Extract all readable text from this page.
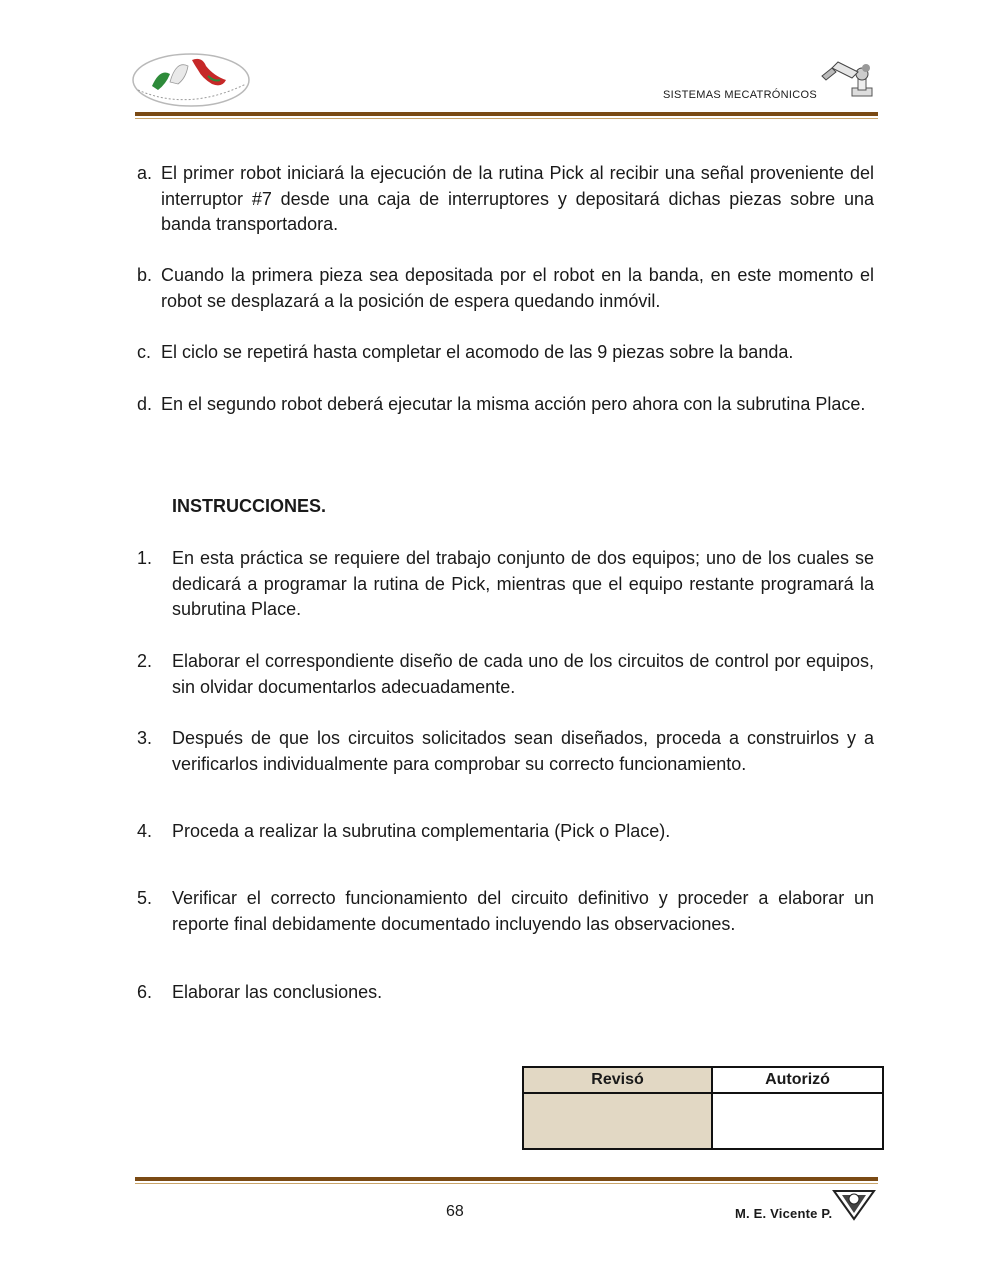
SISTEMAS MECATRÓNICOS
a. El primer robot iniciará la ejecución de la rutina Pick al recibir una señal proveniente del interruptor #7 desde una caja de interruptores y depositará dichas piezas sobre una banda transportadora.
b. Cuando la primera pieza sea depositada por el robot en la banda, en este momento el robot se desplazará a la posición de espera quedando inmóvil.
c. El ciclo se repetirá hasta completar el acomodo de las 9 piezas sobre la banda.
d. En el segundo robot deberá ejecutar la misma acción pero ahora con la subrutina Place.
INSTRUCCIONES.
1. En esta práctica se requiere del trabajo conjunto de dos equipos; uno de los cuales se dedicará a programar la rutina de Pick, mientras que el equipo restante programará la subrutina Place.
2. Elaborar el correspondiente diseño de cada uno de los circuitos de control por equipos, sin olvidar documentarlos adecuadamente.
3. Después de que los circuitos solicitados sean diseñados, proceda a construirlos y a verificarlos individualmente para comprobar su correcto funcionamiento.
4. Proceda a realizar la subrutina complementaria (Pick o Place).
5. Verificar el correcto funcionamiento del circuito definitivo y proceder a elaborar un reporte final debidamente documentado incluyendo las observaciones.
6. Elaborar las conclusiones.
Revisó	Autorizó
68	M. E. Vicente P.
